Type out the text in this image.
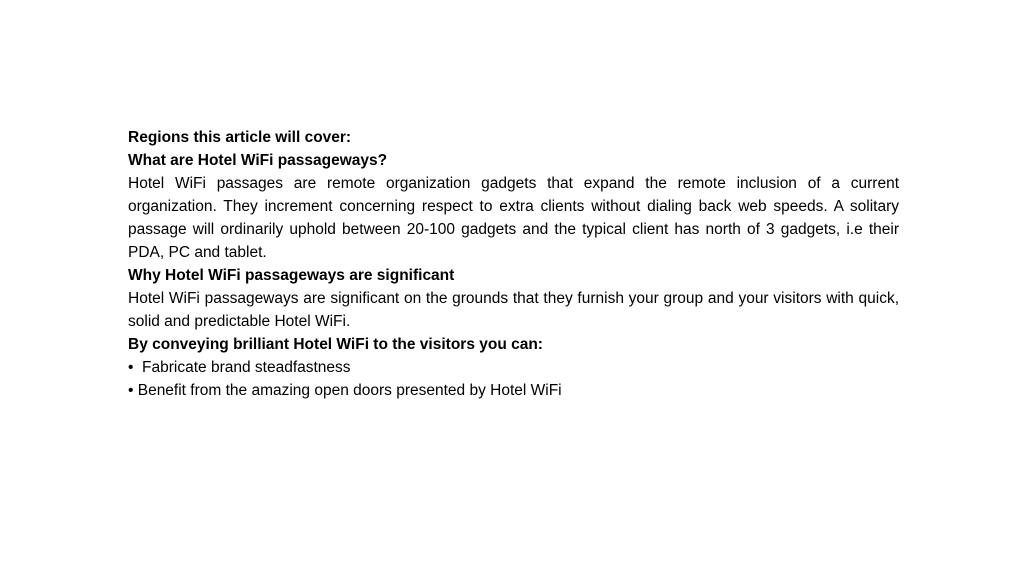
Regions this article will cover:

What are Hotel WiFi passageways?

Hotel WiFi passages are remote organization gadgets that expand the remote inclusion of a current organization. They increment concerning respect to extra clients without dialing back web speeds. A solitary passage will ordinarily uphold between 20-100 gadgets and the typical client has north of 3 gadgets, i.e their PDA, PC and tablet.

Why Hotel WiFi passageways are significant

Hotel WiFi passageways are significant on the grounds that they furnish your group and your visitors with quick, solid and predictable Hotel WiFi.

By conveying brilliant Hotel WiFi to the visitors you can:

•  Fabricate brand steadfastness

• Benefit from the amazing open doors presented by Hotel WiFi
